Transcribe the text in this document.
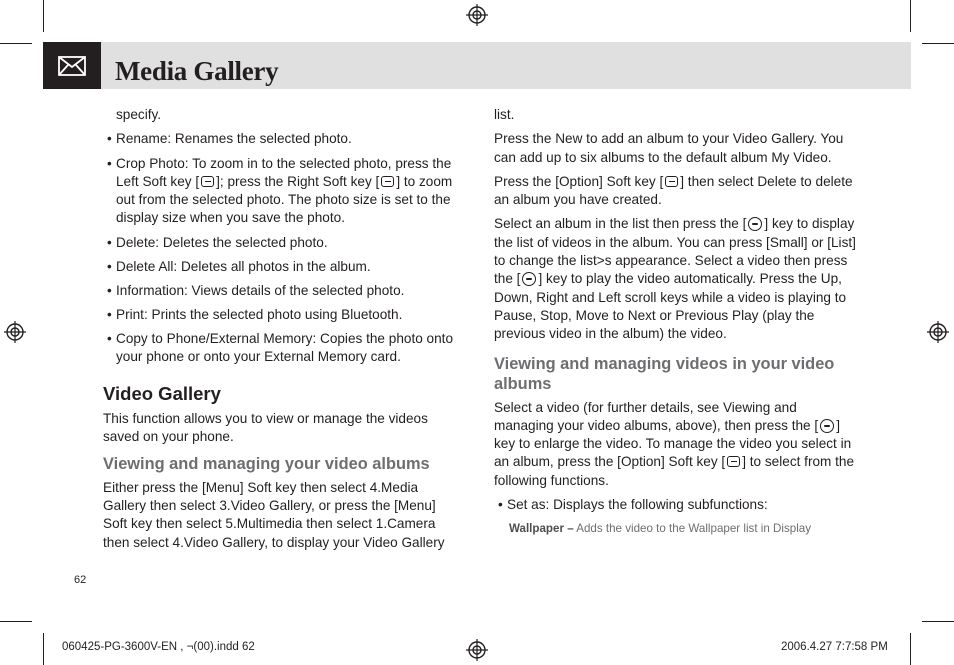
Media Gallery

specify.

• Rename: Renames the selected photo.

• Crop Photo: To zoom in to the selected photo, press the Left Soft key [ ]; press the Right Soft key [ ] to zoom out from the selected photo. The photo size is set to the display size when you save the photo.

• Delete: Deletes the selected photo.

• Delete All: Deletes all photos in the album.

• Information: Views details of the selected photo.

• Print: Prints the selected photo using Bluetooth.

• Copy to Phone/External Memory: Copies the photo onto your phone or onto your External Memory card.

Video Gallery

This function allows you to view or manage the videos saved on your phone.

Viewing and managing your video albums

Either press the [Menu] Soft key then select 4.Media Gallery then select 3.Video Gallery, or press the [Menu] Soft key then select 5.Multimedia then select 1.Camera then select 4.Video Gallery, to display your Video Gallery

list.

Press the New to add an album to your Video Gallery. You can add up to six albums to the default album My Video.

Press the [Option] Soft key [ ] then select Delete to delete an album you have created.

Select an album in the list then press the [ ] key to display the list of videos in the album. You can press [Small] or [List] to change the list>s appearance. Select a video then press the [ ] key to play the video automatically. Press the Up, Down, Right and Left scroll keys while a video is playing to Pause, Stop, Move to Next or Previous Play (play the previous video in the album) the video.

Viewing and managing videos in your video albums

Select a video (for further details, see Viewing and managing your video albums, above), then press the [ ] key to enlarge the video. To manage the video you select in an album, press the [Option] Soft key [ ] to select from the following functions.

• Set as: Displays the following subfunctions:

Wallpaper – Adds the video to the Wallpaper list in Display

62
060425-PG-3600V-EN , ¬(00).indd 62	2006.4.27 7:7:58 PM
